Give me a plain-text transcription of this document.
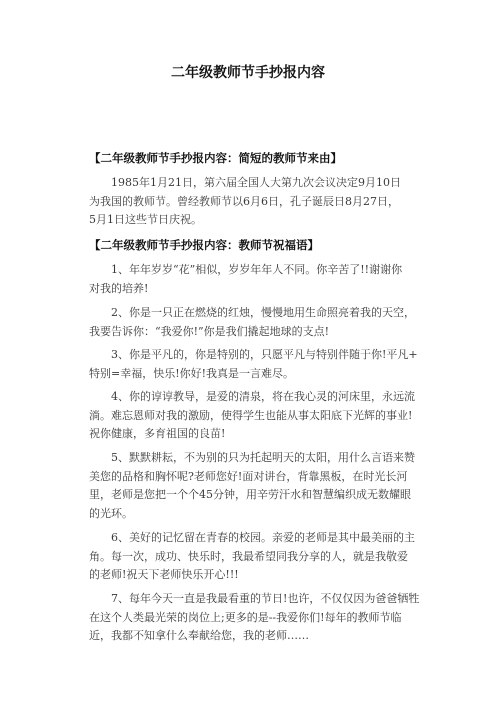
二年级教师节手抄报内容
【二年级教师节手抄报内容：简短的教师节来由】

1985年1月21日，第六届全国人大第九次会议决定9月10日
为我国的教师节。曾经教师节以6月6日，孔子诞辰日8月27日，
5月1日这些节日庆祝。

【二年级教师节手抄报内容：教师节祝福语】

1、年年岁岁“花”相似，岁岁年年人不同。你辛苦了!!谢谢你
对我的培养!

2、你是一只正在燃烧的红烛，慢慢地用生命照亮着我的天空，
我要告诉你：“我爱你!”你是我们撬起地球的支点!

3、你是平凡的，你是特别的，只愿平凡与特别伴随于你!平凡+
特别=幸福，快乐!你好!我真是一言难尽。

4、你的谆谆教导，是爱的清泉，将在我心灵的河床里，永远流
淌。难忘恩师对我的激励，使得学生也能从事太阳底下光辉的事业!
祝你健康，多育祖国的良苗!

5、默默耕耘，不为别的只为托起明天的太阳，用什么言语来赞
美您的品格和胸怀呢?老师您好!面对讲台，背靠黑板，在时光长河
里，老师是您把一个个45分钟，用辛劳汗水和智慧编织成无数耀眼
的光环。

6、美好的记忆留在青春的校园。亲爱的老师是其中最美丽的主
角。每一次，成功、快乐时，我最希望同我分享的人，就是我敬爱
的老师!祝天下老师快乐开心!!!

7、每年今天一直是我最看重的节日!也许，不仅仅因为爸爸牺牲
在这个人类最光荣的岗位上;更多的是--我爱你们!每年的教师节临
近，我都不知拿什么奉献给您，我的老师……
